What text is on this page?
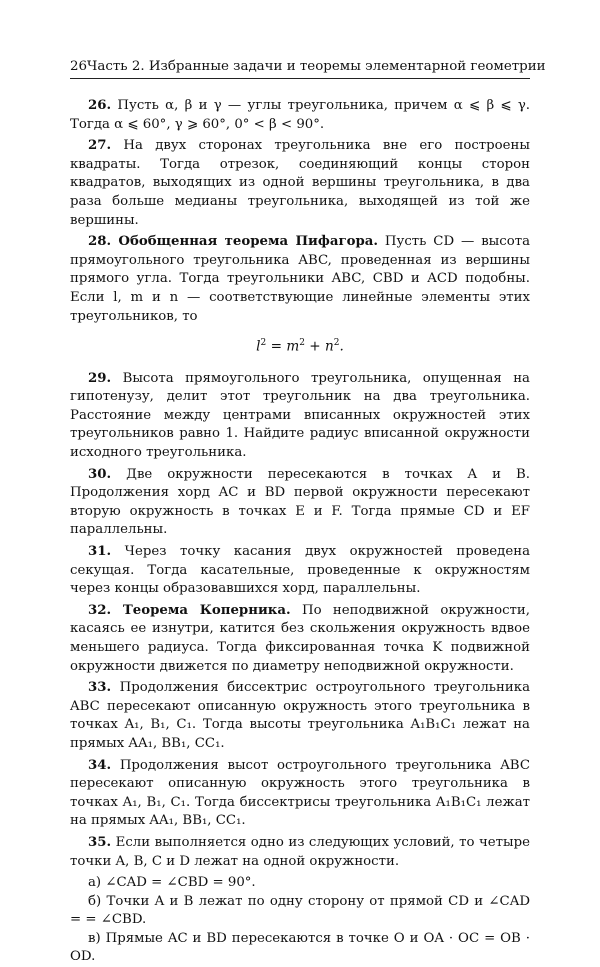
26 Часть 2. Избранные задачи и теоремы элементарной геометрии

26. Пусть α, β и γ — углы треугольника, причем α ⩽ β ⩽ γ. Тогда α ⩽ 60°, γ ⩾ 60°, 0° < β < 90°.

27. На двух сторонах треугольника вне его построены квадраты. Тогда отрезок, соединяющий концы сторон квадратов, выходящих из одной вершины треугольника, в два раза больше медианы треугольника, выходящей из той же вершины.

28. Обобщенная теорема Пифагора. Пусть CD — высота прямоугольного треугольника ABC, проведенная из вершины прямого угла. Тогда треугольники ABC, CBD и ACD подобны. Если l, m и n — соответствующие линейные элементы этих треугольников, то

$l^2 = m^2 + n^2$.

29. Высота прямоугольного треугольника, опущенная на гипотенузу, делит этот треугольник на два треугольника. Расстояние между центрами вписанных окружностей этих треугольников равно 1. Найдите радиус вписанной окружности исходного треугольника.

30. Две окружности пересекаются в точках A и B. Продолжения хорд AC и BD первой окружности пересекают вторую окружность в точках E и F. Тогда прямые CD и EF параллельны.

31. Через точку касания двух окружностей проведена секущая. Тогда касательные, проведенные к окружностям через концы образовавшихся хорд, параллельны.

32. Теорема Коперника. По неподвижной окружности, касаясь ее изнутри, катится без скольжения окружность вдвое меньшего радиуса. Тогда фиксированная точка K подвижной окружности движется по диаметру неподвижной окружности.

33. Продолжения биссектрис остроугольного треугольника ABC пересекают описанную окружность этого треугольника в точках A₁, B₁, C₁. Тогда высоты треугольника A₁B₁C₁ лежат на прямых AA₁, BB₁, CC₁.

34. Продолжения высот остроугольного треугольника ABC пересекают описанную окружность этого треугольника в точках A₁, B₁, C₁. Тогда биссектрисы треугольника A₁B₁C₁ лежат на прямых AA₁, BB₁, CC₁.

35. Если выполняется одно из следующих условий, то четыре точки A, B, C и D лежат на одной окружности.

а) ∠CAD = ∠CBD = 90°.

б) Точки A и B лежат по одну сторону от прямой CD и ∠CAD = = ∠CBD.

в) Прямые AC и BD пересекаются в точке O и OA · OC = OB · OD.
